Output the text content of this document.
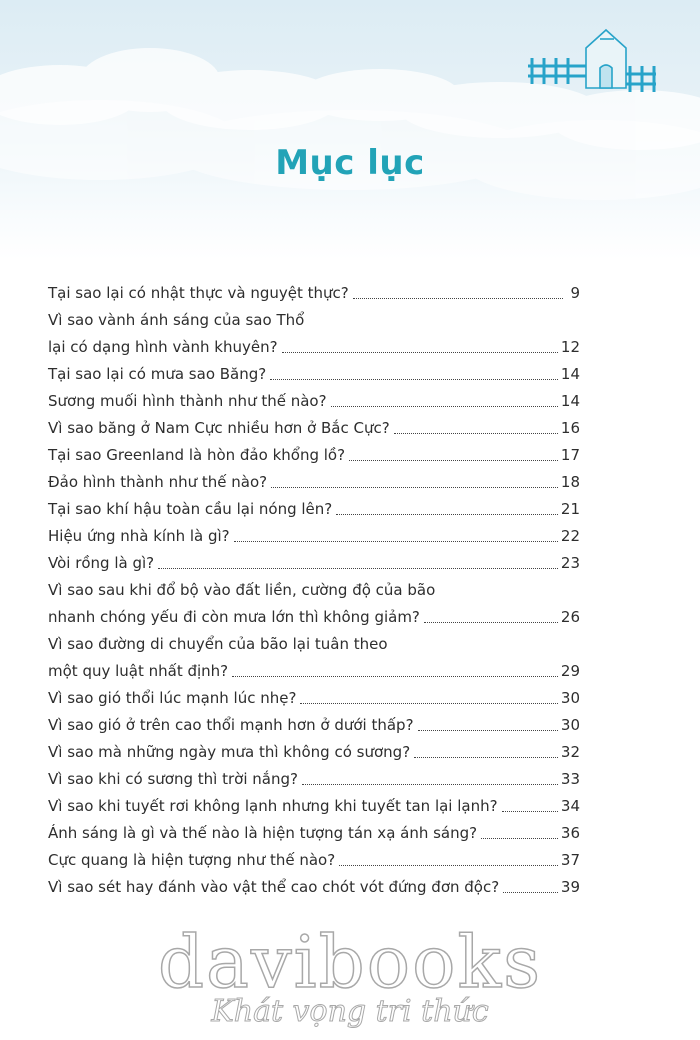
Mục lục
Tại sao lại có nhật thực và nguyệt thực?	9
Vì sao vành ánh sáng của sao Thổ
lại có dạng hình vành khuyên?	12
Tại sao lại có mưa sao Băng?	14
Sương muối hình thành như thế nào?	14
Vì sao băng ở Nam Cực nhiều hơn ở Bắc Cực?	16
Tại sao Greenland là hòn đảo khổng lồ?	17
Đảo hình thành như thế nào?	18
Tại sao khí hậu toàn cầu lại nóng lên?	21
Hiệu ứng nhà kính là gì?	22
Vòi rồng là gì?	23
Vì sao sau khi đổ bộ vào đất liền, cường độ của bão
nhanh chóng yếu đi còn mưa lớn thì không giảm?	26
Vì sao đường di chuyển của bão lại tuân theo
một quy luật nhất định?	29
Vì sao gió thổi lúc mạnh lúc nhẹ?	30
Vì sao gió ở trên cao thổi mạnh hơn ở dưới thấp?	30
Vì sao mà những ngày mưa thì không có sương?	32
Vì sao khi có sương thì trời nắng?	33
Vì sao khi tuyết rơi không lạnh nhưng khi tuyết tan lại lạnh?	34
Ánh sáng là gì và thế nào là hiện tượng tán xạ ánh sáng?	36
Cực quang là hiện tượng như thế nào?	37
Vì sao sét hay đánh vào vật thể cao chót vót đứng đơn độc?	39
davibooks
Khát vọng tri thức
